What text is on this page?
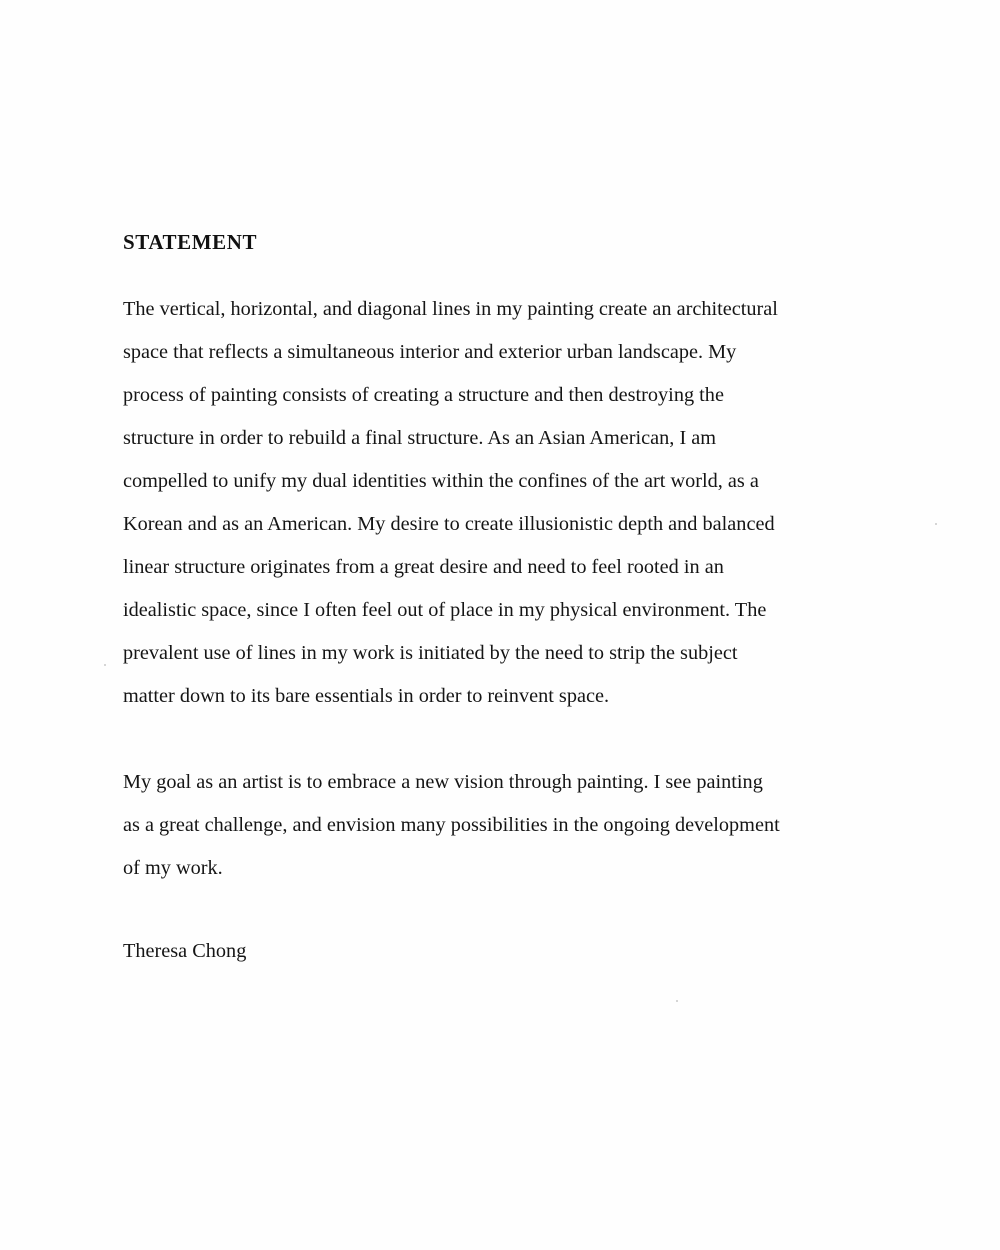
STATEMENT

The vertical, horizontal, and diagonal lines in my painting create an architectural
space that reflects a simultaneous interior and exterior urban landscape. My
process of painting consists of creating a structure and then destroying the
structure in order to rebuild a final structure. As an Asian American, I am
compelled to unify my dual identities within the confines of the art world, as a
Korean and as an American. My desire to create illusionistic depth and balanced
linear structure originates from a great desire and need to feel rooted in an
idealistic space, since I often feel out of place in my physical environment. The
prevalent use of lines in my work is initiated by the need to strip the subject
matter down to its bare essentials in order to reinvent space.

My goal as an artist is to embrace a new vision through painting. I see painting
as a great challenge, and envision many possibilities in the ongoing development
of my work.

Theresa Chong
